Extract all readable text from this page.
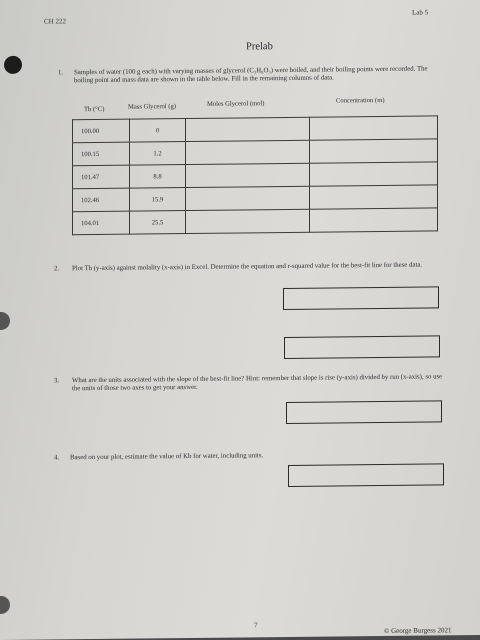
CH 222
Lab 5
Prelab
1. Samples of water (100 g each) with varying masses of glycerol (C₃H₈O₃) were boiled, and their boiling points were recorded. The boiling point and mass data are shown in the table below. Fill in the remaining columns of data.
Tb (°C)	Mass Glycerol (g)	Moles Glycerol (mol)	Concentration (m)
100.00	0		
100.15	1.2		
101.47	8.8		
102.46	15.9		
104.01	25.5		
2. Plot Tb (y-axis) against molality (x-axis) in Excel. Determine the equation and r-squared value for the best-fit line for these data.
3. What are the units associated with the slope of the best-fit line? Hint: remember that slope is rise (y-axis) divided by run (x-axis), so use the units of those two axes to get your answer.
4. Based on your plot, estimate the value of Kb for water, including units.
7
© George Burgess 2021
